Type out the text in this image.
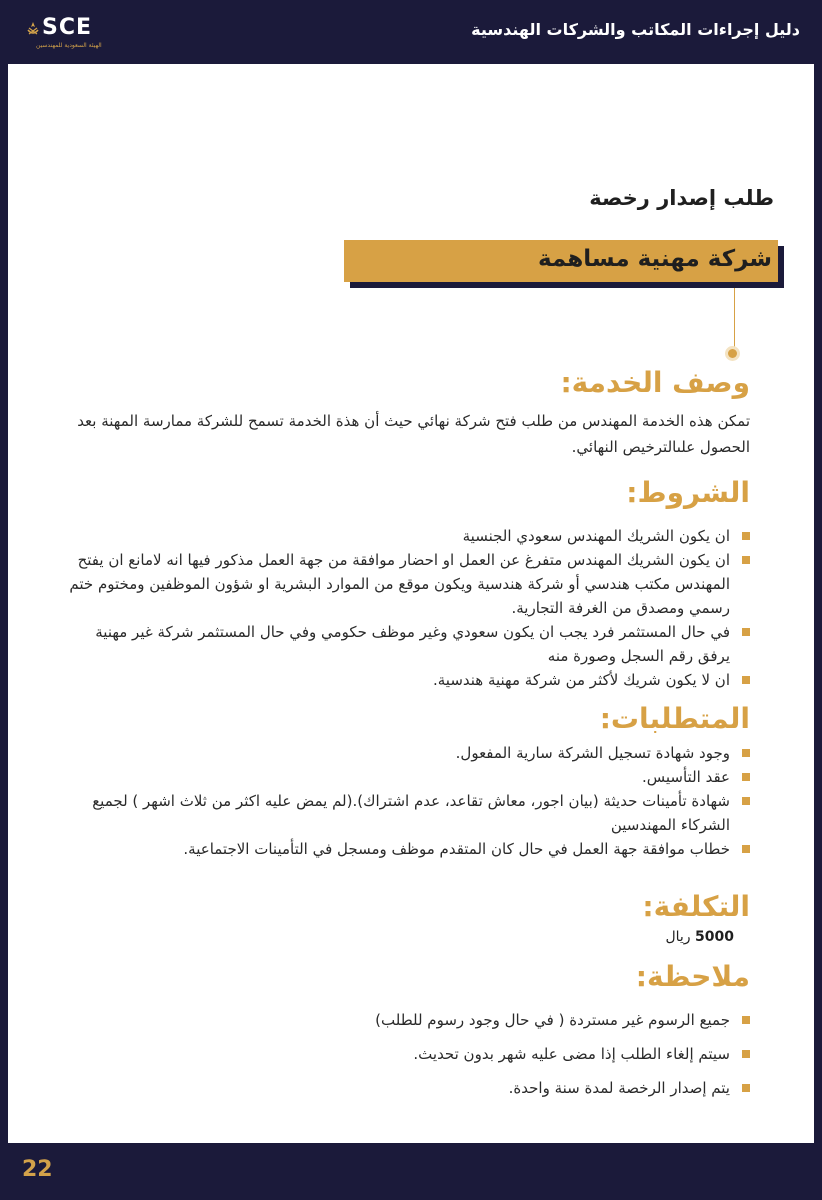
SCE
الهيئة السعودية للمهندسين
دليل إجراءات المكاتب والشركات الهندسية
طلب إصدار رخصة
شركة مهنية مساهمة
وصف الخدمة:
تمكن هذه الخدمة المهندس من طلب فتح شركة نهائي حيث أن هذة الخدمة تسمح للشركة ممارسة المهنة بعد الحصول علىالترخيص النهائي.
الشروط:
ان يكون الشريك المهندس سعودي الجنسية
ان يكون الشريك المهندس متفرغ عن العمل او احضار موافقة من جهة العمل مذكور فيها انه لامانع ان يفتح المهندس مكتب هندسي أو شركة هندسية ويكون موقع من الموارد البشرية او شؤون الموظفين ومختوم ختم رسمي ومصدق من الغرفة التجارية.
في حال المستثمر فرد يجب ان يكون سعودي وغير موظف حكومي وفي حال المستثمر شركة غير مهنية يرفق رقم السجل وصورة منه
ان لا يكون شريك لأكثر من شركة مهنية هندسية.
المتطلبات:
وجود شهادة تسجيل الشركة سارية المفعول.
عقد التأسيس.
شهادة تأمينات حديثة (بيان اجور، معاش تقاعد، عدم اشتراك).(لم يمض عليه اكثر من ثلاث اشهر ) لجميع الشركاء المهندسين
خطاب موافقة جهة العمل في حال كان المتقدم موظف ومسجل في التأمينات الاجتماعية.
التكلفة:
5000 ريال
ملاحظة:
جميع الرسوم غير مستردة ( في حال وجود رسوم للطلب)
سيتم إلغاء الطلب إذا مضى عليه شهر بدون تحديث.
يتم إصدار الرخصة لمدة سنة واحدة.
22
